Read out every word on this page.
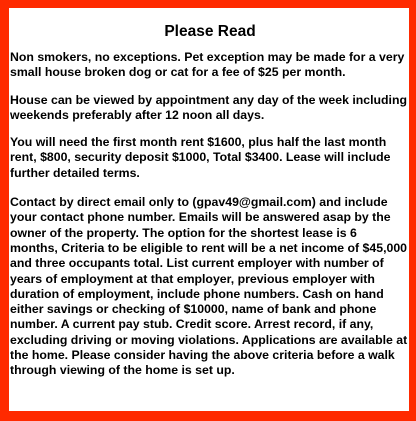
Please Read

Non smokers, no exceptions. Pet exception may be made for a very small house broken dog or cat for a fee of $25 per month.

House can be viewed by appointment any day of the week including weekends preferably after 12 noon all days.

You will need the first month rent $1600, plus half the last month rent, $800, security deposit $1000, Total $3400. Lease will include further detailed terms.

Contact by direct email only to (gpav49@gmail.com) and include your contact phone number. Emails will be answered asap by the owner of the property. The option for the shortest lease is 6 months, Criteria to be eligible to rent will be a net income of $45,000 and three occupants total. List current employer with number of years of employment at that employer, previous employer with duration of employment, include phone numbers. Cash on hand either savings or checking of $10000, name of bank and phone number. A current pay stub. Credit score. Arrest record, if any, excluding driving or moving violations. Applications are available at the home. Please consider having the above criteria before a walk through viewing of the home is set up.
